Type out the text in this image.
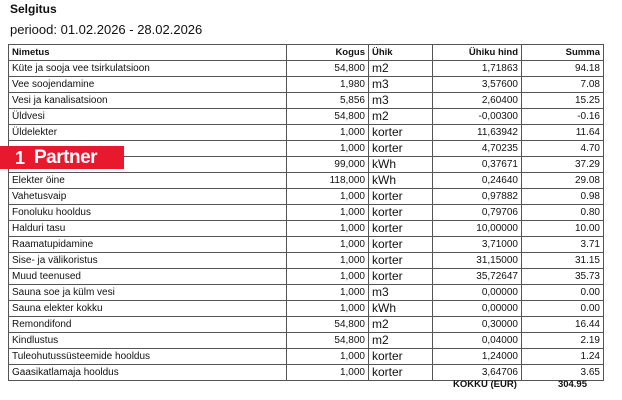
Selgitus
periood: 01.02.2026 - 28.02.2026
Nimetus	Kogus	Ühik	Ühiku hind	Summa
Küte ja sooja vee tsirkulatsioon	54,800	m2	1,71863	94.18
Vee soojendamine	1,980	m3	3,57600	7.08
Vesi ja kanalisatsioon	5,856	m3	2,60400	15.25
Üldvesi	54,800	m2	-0,00300	-0.16
Üldelekter	1,000	korter	11,63942	11.64
	1,000	korter	4,70235	4.70
	99,000	kWh	0,37671	37.29
Elekter öine	118,000	kWh	0,24640	29.08
Vahetusvaip	1,000	korter	0,97882	0.98
Fonoluku hooldus	1,000	korter	0,79706	0.80
Halduri tasu	1,000	korter	10,00000	10.00
Raamatupidamine	1,000	korter	3,71000	3.71
Sise- ja välikoristus	1,000	korter	31,15000	31.15
Muud teenused	1,000	korter	35,72647	35.73
Sauna soe ja külm vesi	1,000	m3	0,00000	0.00
Sauna elekter kokku	1,000	kWh	0,00000	0.00
Remondifond	54,800	m2	0,30000	16.44
Kindlustus	54,800	m2	0,04000	2.19
Tuleohutussüsteemide hooldus	1,000	korter	1,24000	1.24
Gaasikatlamaja hooldus	1,000	korter	3,64706	3.65
KOKKU (EUR)	304.95
1 Partner
